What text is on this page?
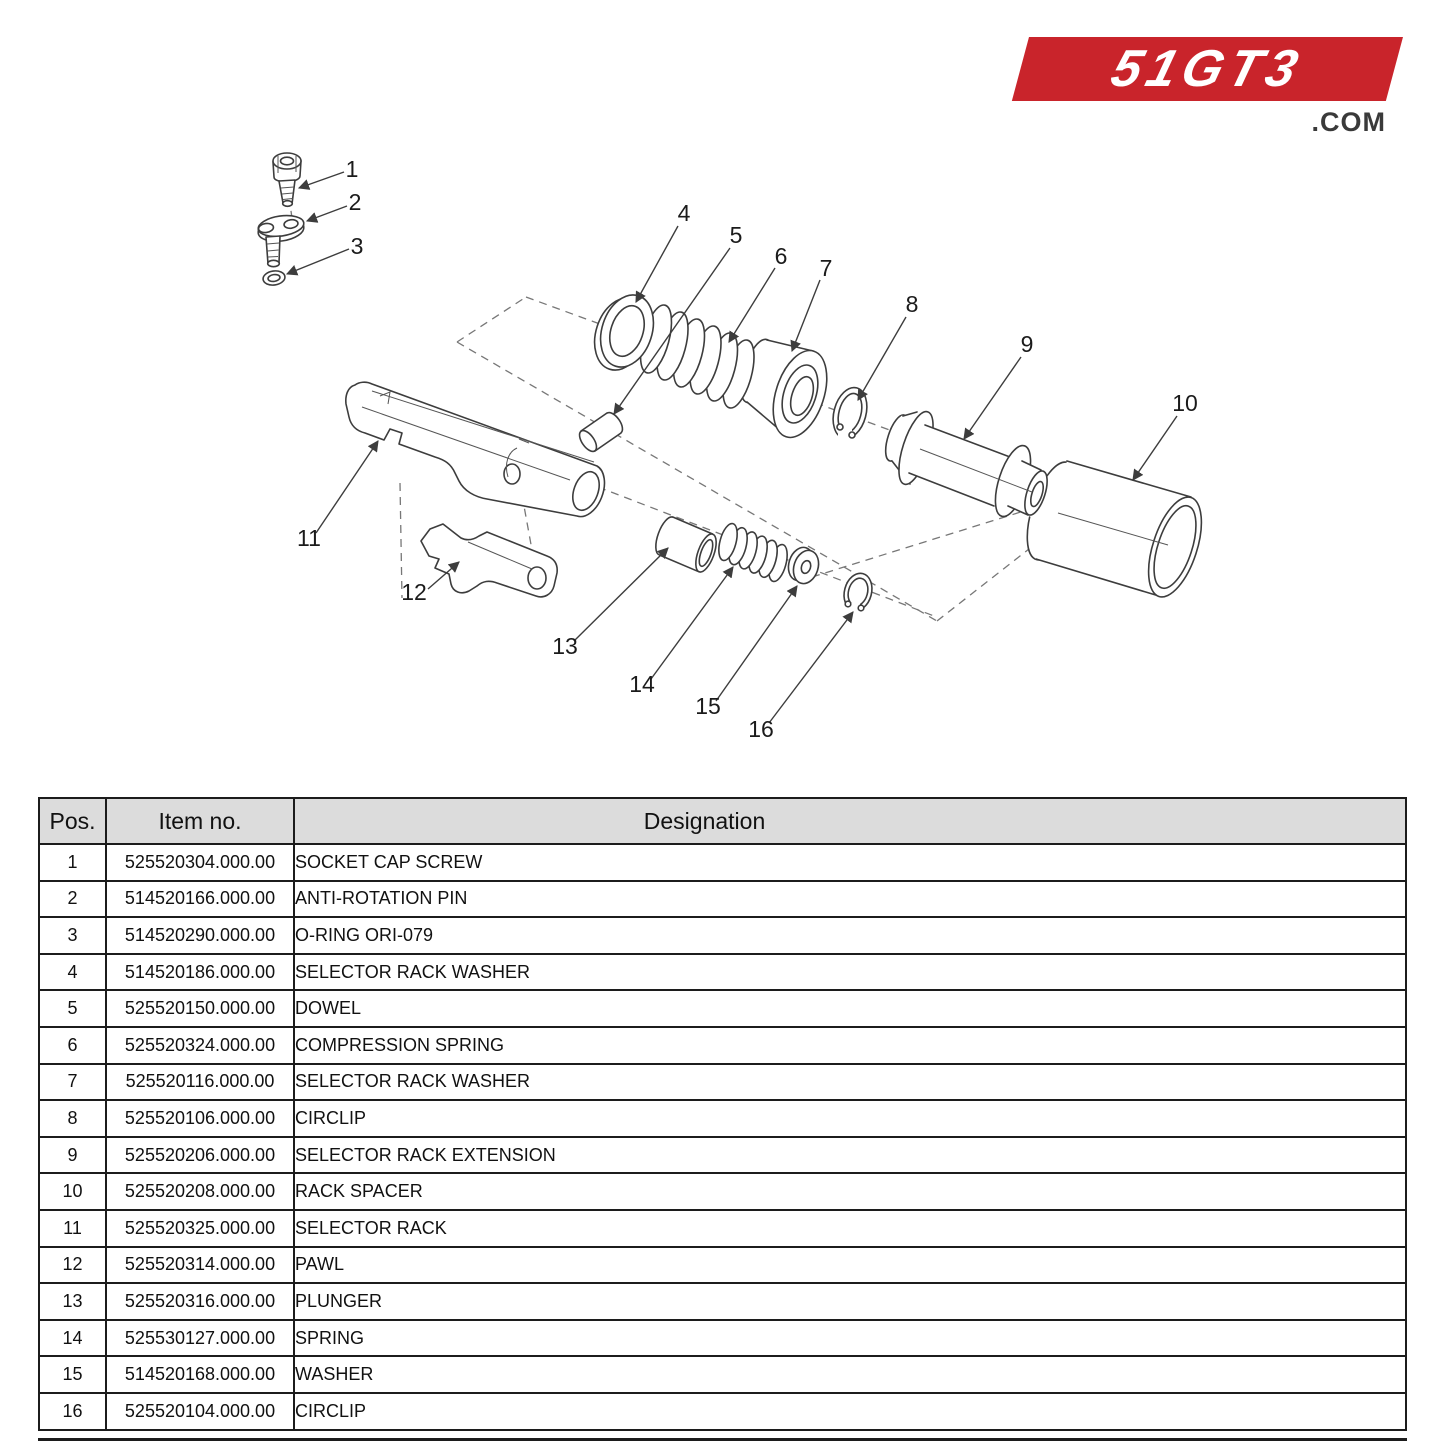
51GT3
.COM
1
2
3
4
5
6 7
8
9
10
11
12
13
14
15
16
Pos.	Item no.	Designation
1	525520304.000.00	SOCKET CAP SCREW
2	514520166.000.00	ANTI-ROTATION PIN
3	514520290.000.00	O-RING ORI-079
4	514520186.000.00	SELECTOR RACK WASHER
5	525520150.000.00	DOWEL
6	525520324.000.00	COMPRESSION SPRING
7	525520116.000.00	SELECTOR RACK WASHER
8	525520106.000.00	CIRCLIP
9	525520206.000.00	SELECTOR RACK EXTENSION
10	525520208.000.00	RACK SPACER
11	525520325.000.00	SELECTOR RACK
12	525520314.000.00	PAWL
13	525520316.000.00	PLUNGER
14	525530127.000.00	SPRING
15	514520168.000.00	WASHER
16	525520104.000.00	CIRCLIP
